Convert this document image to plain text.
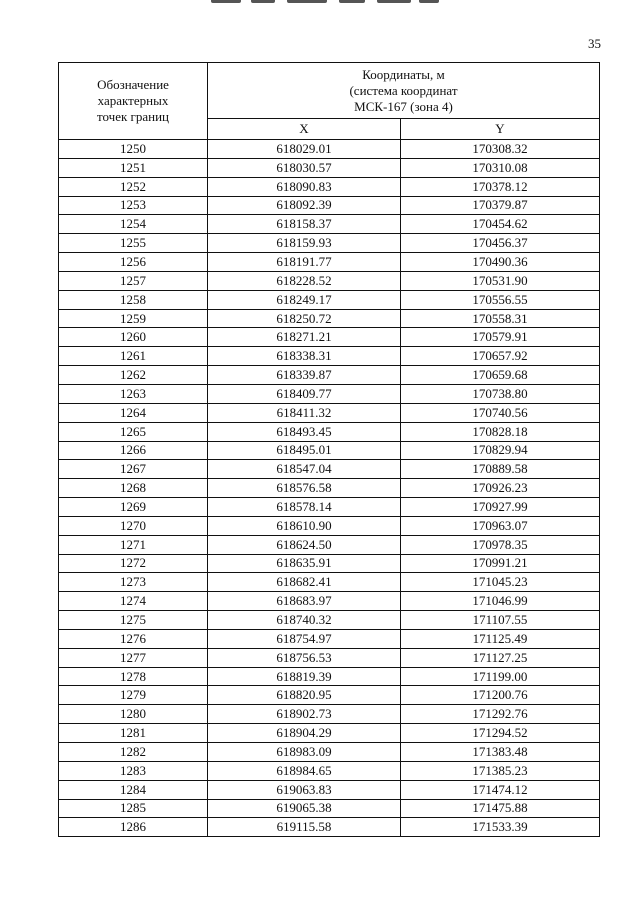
35
Обозначение
характерных
точек границ	Координаты, м
(система координат
МСК-167 (зона 4)	

	X	Y
1250	618029.01	170308.32
1251	618030.57	170310.08
1252	618090.83	170378.12
1253	618092.39	170379.87
1254	618158.37	170454.62
1255	618159.93	170456.37
1256	618191.77	170490.36
1257	618228.52	170531.90
1258	618249.17	170556.55
1259	618250.72	170558.31
1260	618271.21	170579.91
1261	618338.31	170657.92
1262	618339.87	170659.68
1263	618409.77	170738.80
1264	618411.32	170740.56
1265	618493.45	170828.18
1266	618495.01	170829.94
1267	618547.04	170889.58
1268	618576.58	170926.23
1269	618578.14	170927.99
1270	618610.90	170963.07
1271	618624.50	170978.35
1272	618635.91	170991.21
1273	618682.41	171045.23
1274	618683.97	171046.99
1275	618740.32	171107.55
1276	618754.97	171125.49
1277	618756.53	171127.25
1278	618819.39	171199.00
1279	618820.95	171200.76
1280	618902.73	171292.76
1281	618904.29	171294.52
1282	618983.09	171383.48
1283	618984.65	171385.23
1284	619063.83	171474.12
1285	619065.38	171475.88
1286	619115.58	171533.39
